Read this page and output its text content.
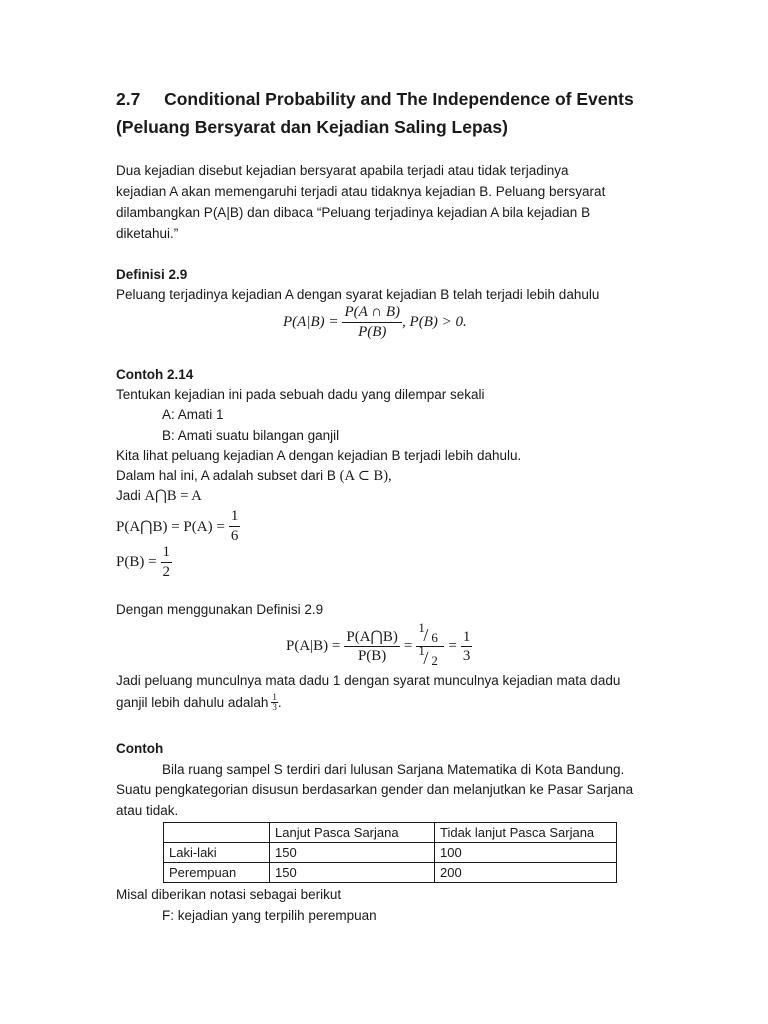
2.7 Conditional Probability and The Independence of Events
(Peluang Bersyarat dan Kejadian Saling Lepas)
Dua kejadian disebut kejadian bersyarat apabila terjadi atau tidak terjadinya
kejadian A akan memengaruhi terjadi atau tidaknya kejadian B. Peluang bersyarat
dilambangkan P(A|B) dan dibaca “Peluang terjadinya kejadian A bila kejadian B
diketahui.”
Definisi 2.9
Peluang terjadinya kejadian A dengan syarat kejadian B telah terjadi lebih dahulu
$P(A|B) = \frac{P(A \cap B)}{P(B)}$ , P(B) > 0.
Contoh 2.14
Tentukan kejadian ini pada sebuah dadu yang dilempar sekali
A: Amati 1
B: Amati suatu bilangan ganjil
Kita lihat peluang kejadian A dengan kejadian B terjadi lebih dahulu.
Dalam hal ini, A adalah subset dari B (A ⊂ B),
Jadi A⋂B = A
P(A⋂B) = $P(A) = \frac{1}{6}$
$P(B) = \frac{1}{2}$
Dengan menggunakan Definisi 2.9
$P(A|B) = \frac{P(A⋂B)}{P(B)} = 1$
/ 6
1
/ $2 = \frac{1}{3}$
Jadi peluang munculnya mata dadu 1 dengan syarat munculnya kejadian mata dadu
ganjil lebih dahulu adalah $\frac{1}{3}$ .
Contoh
Bila ruang sampel S terdiri dari lulusan Sarjana Matematika di Kota Bandung.
Suatu pengkategorian disusun berdasarkan gender dan melanjutkan ke Pasar Sarjana
atau tidak.
	Lanjut Pasca Sarjana	Tidak lanjut Pasca Sarjana
Laki-laki	150	100
Perempuan	150	200
Misal diberikan notasi sebagai berikut
F: kejadian yang terpilih perempuan
